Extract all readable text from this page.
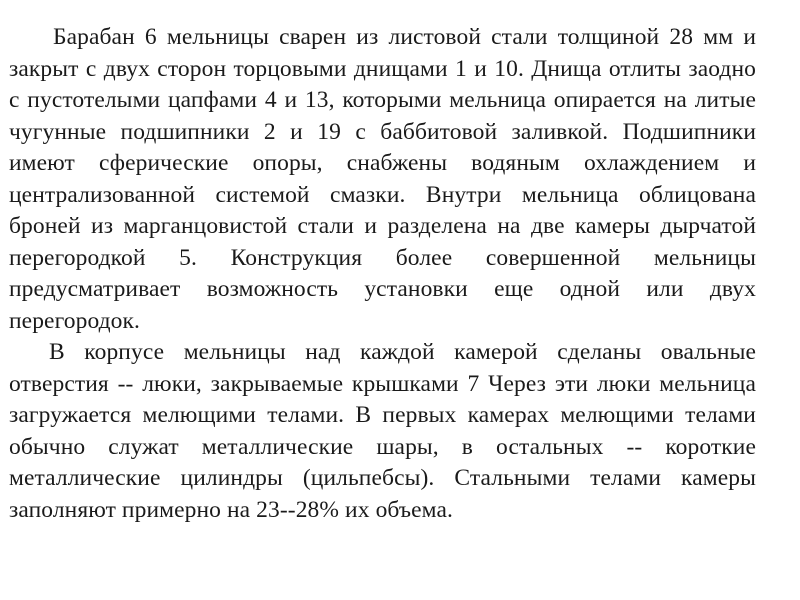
Барабан 6 мельницы сварен из листовой стали толщиной 28 мм и закрыт с двух сторон торцовыми днищами 1 и 10. Днища отлиты заодно с пустотелыми цапфами 4 и 13, которыми мельница опирается на литые чугунные подшипники 2 и 19 с баббитовой заливкой. Подшипники имеют сферические опоры, снабжены водяным охлаждением и централизованной системой смазки. Внутри мельница облицована броней из марганцовистой стали и разделена на две камеры дырчатой перегородкой 5. Конструкция более совершенной мельницы предусматривает возможность установки еще одной или двух перегородок.

В корпусе мельницы над каждой камерой сделаны овальные отверстия -- люки, закрываемые крышками 7 Через эти люки мельница загружается мелющими телами. В первых камерах мелющими телами обычно служат металлические шары, в остальных -- короткие металлические цилиндры (цильпебсы). Стальными телами камеры заполняют примерно на 23--28% их объема.
